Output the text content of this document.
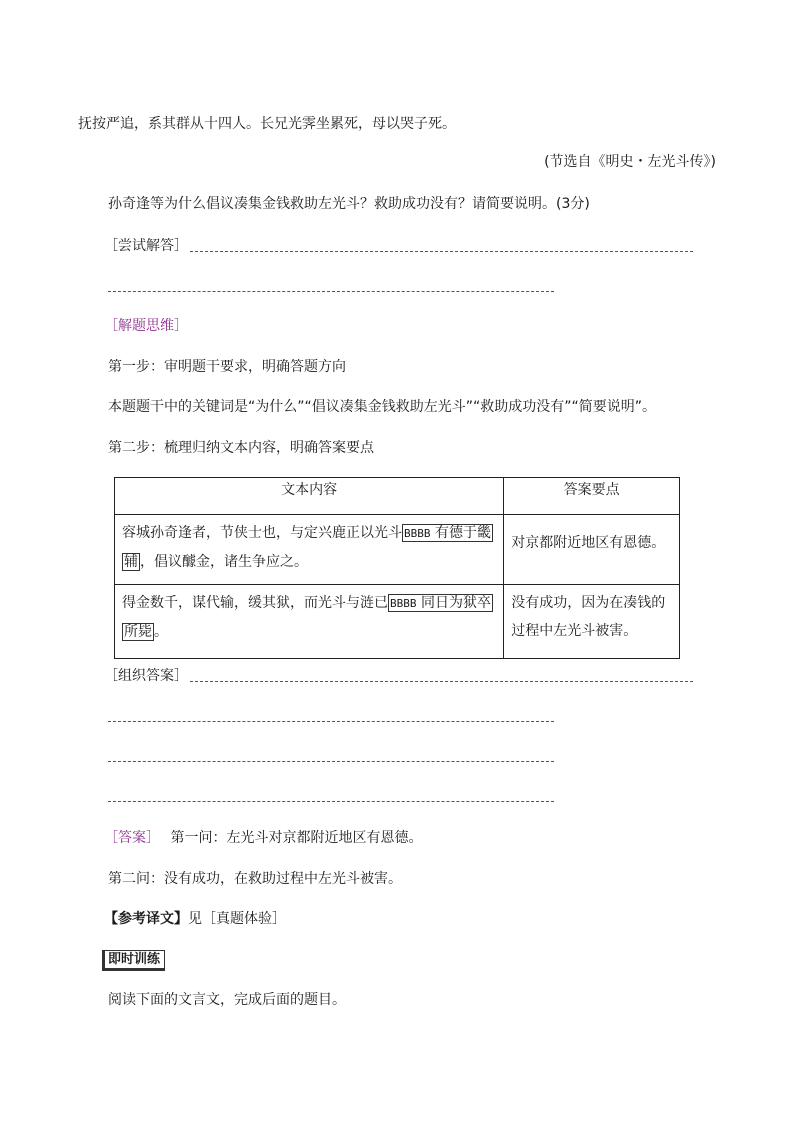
抚按严追，系其群从十四人。长兄光霁坐累死，母以哭子死。
(节选自《明史・左光斗传》)
孙奇逢等为什么倡议凑集金钱救助左光斗？救助成功没有？请简要说明。(3分)
［尝试解答］
［解题思维］
第一步：审明题干要求，明确答题方向
本题题干中的关键词是“为什么”“倡议凑集金钱救助左光斗”“救助成功没有”“简要说明”。
第二步：梳理归纳文本内容，明确答案要点
文本内容	答案要点
容城孙奇逢者，节侠士也，与定兴鹿正以光斗 BBBB 有德于畿
辅 ，倡议醵金，诸生争应之。	对京都附近地区有恩德。
得金数千，谋代输，缓其狱，而光斗与涟已 BBBB 同日为狱卒
所毙 。	没有成功，因为在凑钱的
过程中左光斗被害。
［组织答案］
［答案］ 第一问：左光斗对京都附近地区有恩德。
第二问：没有成功，在救助过程中左光斗被害。
【参考译文】见［真题体验］
即时训练
阅读下面的文言文，完成后面的题目。
